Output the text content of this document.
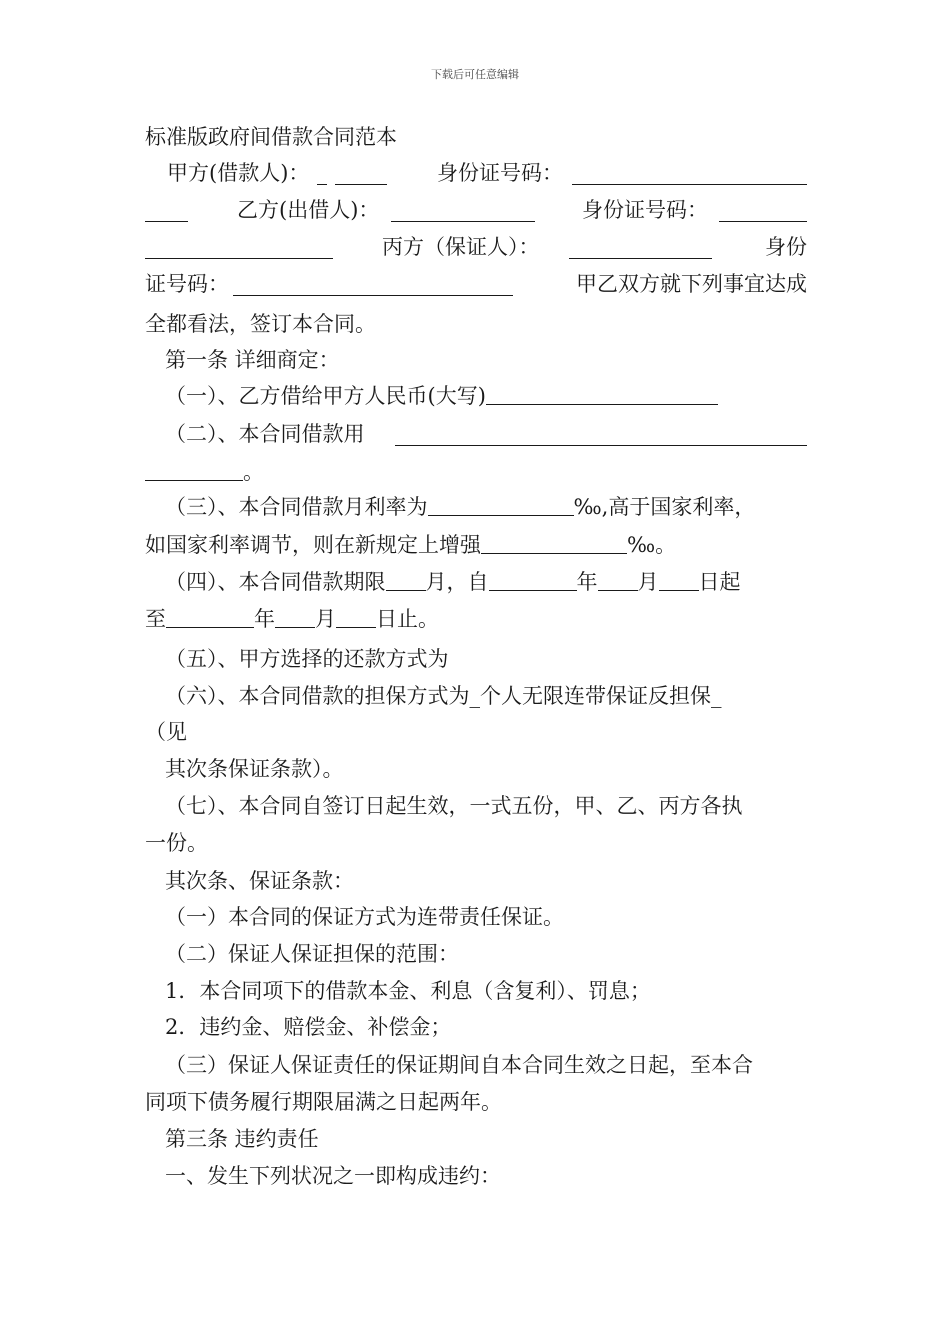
下载后可任意编辑
标准版政府间借款合同范本
甲方(借款人)：	身份证号码：
乙方(出借人)：	身份证号码：
丙方（保证人）：	身份
证号码：	甲乙双方就下列事宜达成
全都看法，签订本合同。
第一条 详细商定：
（一）、乙方借给甲方人民币(大写)
（二）、本合同借款用
。
（三）、本合同借款月利率为	‰,高于国家利率，
如国家利率调节，则在新规定上增强	‰。
（四）、本合同借款期限 月，自	年 月 日起
至	年 月 日止。
（五）、甲方选择的还款方式为
（六）、本合同借款的担保方式为_个人无限连带保证反担保_
（见
其次条保证条款）。
（七）、本合同自签订日起生效，一式五份，甲、乙、丙方各执
一份。
其次条、保证条款：
（一）本合同的保证方式为连带责任保证。
（二）保证人保证担保的范围：
1．本合同项下的借款本金、利息（含复利）、罚息；
2．违约金、赔偿金、补偿金；
（三）保证人保证责任的保证期间自本合同生效之日起，至本合
同项下债务履行期限届满之日起两年。
第三条 违约责任
一、发生下列状况之一即构成违约：
